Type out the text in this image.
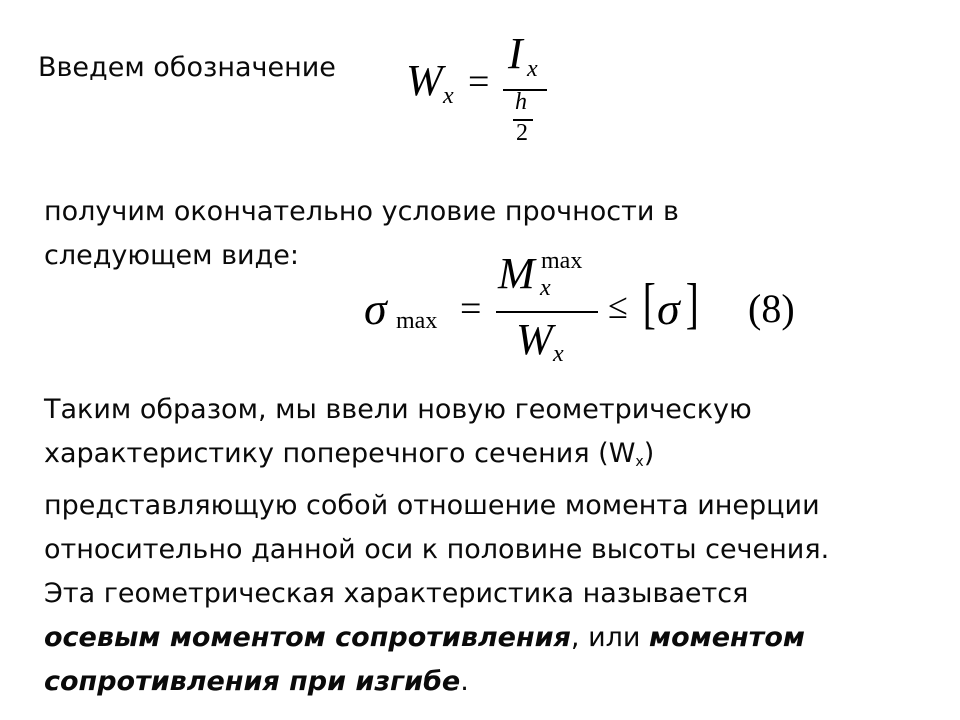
Введем обозначение W x =
I x
h
2
получим окончательно условие прочности в
следующем виде:
σ max =
M max
x
W x
≤ [ σ ] (8)
Таким образом, мы ввели новую геометрическую
характеристику поперечного сечения $(W_x)$
представляющую собой отношение момента инерции
относительно данной оси к половине высоты сечения.
Эта геометрическая характеристика называется
осевым моментом сопротивления, или моментом
сопротивления при изгибе.
